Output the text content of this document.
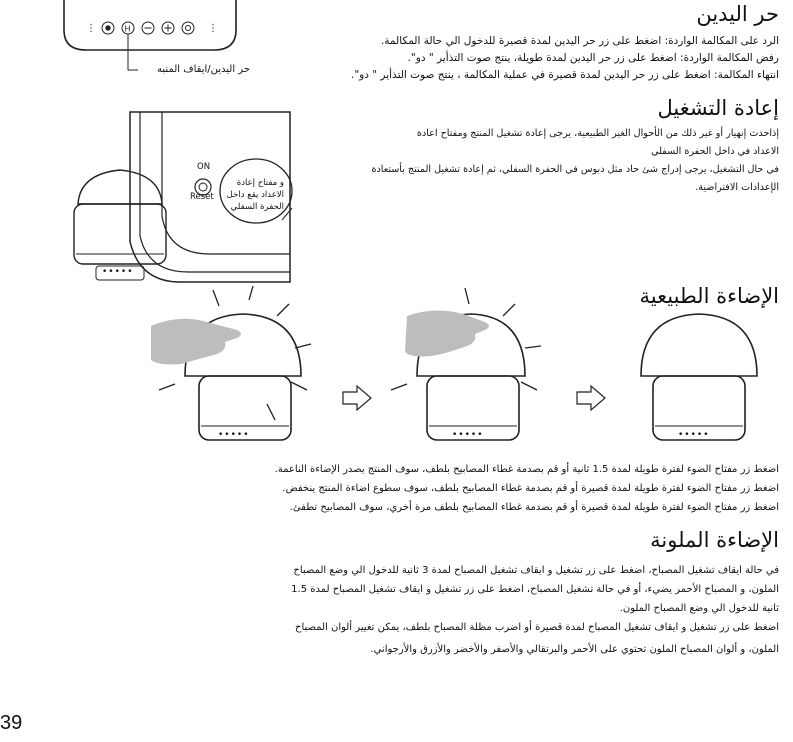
⋮	H	⋮
حر اليدين/ايقاف المنبه
حر اليدين
الرد على المكالمة الواردة: اضغط على زر حر اليدين لمدة قصيرة للدخول الي حالة المكالمة.
رفض المكالمة الواردة: اضغط على زر حر اليدين لمدة طويلة، ينتج صوت التذأير " دو".
انتهاء المكالمة: اضغط على زر حر اليدين لمدة قصيرة في عملية المكالمة ، ينتج صوت التذأير " دو".
ON
Reset
و مفتاح إعادة
الاعداد يقع داخل
الحفرة السفلي
•••••
إعادة التشغيل
إذاحدث إنهيار أو غير ذلك من الأحوال الغير الطبيعية، يرجى إعادة تشغيل المنتج ومفتاح اعادة
الاعداد في داخل الحفرة السفلي
في حال التشغيل، يرجى إدراج شئ حاد مثل دبوس في الحفرة السفلي، ثم إعادة تشغيل المنتج بأستعادة
الإعدادات الافتراضية.
الإضاءة الطبيعية
•••••	•••••	•••••
اضغط زر مفتاح الضوء لفترة طويلة لمدة 1.5 ثانية أو قم بصدمة غطاء المصابيح بلطف، سوف المنتج يصدر الإضاءة الناعمة.
اضغط زر مفتاح الضوء لفترة طويلة لمدة قصيرة أو قم بصدمة غطاء المصابيح بلطف، سوف سطوع اضاءة المنتج ينخفض.
اضغط زر مفتاح الضوء لفترة طويلة لمدة قصيرة أو قم بصدمة غطاء المصابيح بلطف مرة أخري، سوف المصابيح تطفئ.
الإضاءة الملونة
في حالة ايقاف تشغيل المصباح، اضغط على زر تشغيل و ايقاف تشغيل المصباح لمدة 3 ثانية للدخول الي وضع المصباح
الملون، و المصباح الأحمر يضيء، أو في حالة تشغيل المصباح، اضغط على زر تشغيل و ايقاف تشغيل المصباح لمدة 1.5
ثانية للدخول الي وضع المصباح الملون.
اضغط على زر تشغيل و ايقاف تشغيل المصباح لمدة قصيرة أو اضرب مظلة المصباح بلطف، يمكن تغيير ألوان المصباح
الملون، و ألوان المصباح الملون تحتوي على الأحمر والبرتقالي والأصفر والأخضر والأزرق والأرجواني.
39
